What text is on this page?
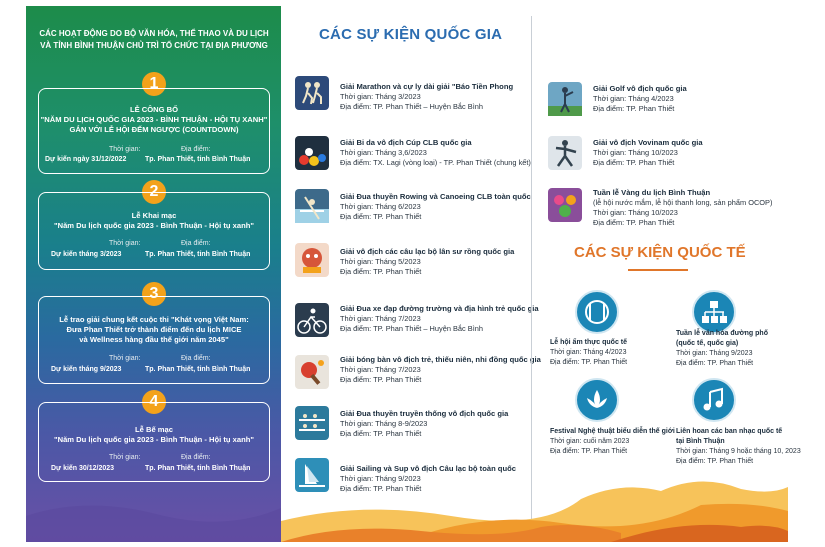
CÁC HOẠT ĐỘNG DO BỘ VĂN HÓA, THỂ THAO VÀ DU LỊCH
VÀ TỈNH BÌNH THUẬN CHỦ TRÌ TỔ CHỨC TẠI ĐỊA PHƯƠNG
1
LỄ CÔNG BỐ
"NĂM DU LỊCH QUỐC GIA 2023 - BÌNH THUẬN - HỘI TỤ XANH"
GẮN VỚI LỄ HỘI ĐẾM NGƯỢC (COUNTDOWN)
Thời gian:	Địa điểm:
Dự kiến ngày 31/12/2022	Tp. Phan Thiết, tỉnh Bình Thuận
2
Lễ Khai mạc
"Năm Du lịch quốc gia 2023 - Bình Thuận - Hội tụ xanh"
Thời gian:	Địa điểm:
Dự kiến tháng 3/2023	Tp. Phan Thiết, tỉnh Bình Thuận
3
Lễ trao giải chung kết cuộc thi "Khát vọng Việt Nam:
Đưa Phan Thiết trở thành điểm đến du lịch MICE
và Wellness hàng đầu thế giới năm 2045"
Thời gian:	Địa điểm:
Dự kiến tháng 9/2023	Tp. Phan Thiết, tỉnh Bình Thuận
4
Lễ Bế mạc
"Năm Du lịch quốc gia 2023 - Bình Thuận - Hội tụ xanh"
Thời gian:	Địa điểm:
Dự kiến 30/12/2023	Tp. Phan Thiết, tỉnh Bình Thuận
CÁC SỰ KIỆN QUỐC GIA
Giải Marathon và cự ly dài giải "Báo Tiền Phong
Thời gian: Tháng 3/2023
Địa điểm: TP. Phan Thiết – Huyện Bắc Bình
Giải Bi da vô địch Cúp CLB quốc gia
Thời gian: Tháng 3,6/2023
Địa điểm: TX. Lagi (vòng loại) - TP. Phan Thiết (chung kết)
Giải Đua thuyền Rowing và Canoeing CLB toàn quốc
Thời gian: Tháng 6/2023
Địa điểm: TP. Phan Thiết
Giải vô địch các câu lạc bộ lân sư rồng quốc gia
Thời gian: Tháng 5/2023
Địa điểm: TP. Phan Thiết
Giải Đua xe đạp đường trường và địa hình trẻ quốc gia
Thời gian: Tháng 7/2023
Địa điểm: TP. Phan Thiết – Huyện Bắc Bình
Giải bóng bàn vô địch trẻ, thiếu niên, nhi đồng quốc gia
Thời gian: Tháng 7/2023
Địa điểm: TP. Phan Thiết
Giải Đua thuyền truyền thống vô địch quốc gia
Thời gian: Tháng 8-9/2023
Địa điểm: TP. Phan Thiết
Giải Sailing và Sup vô địch Câu lạc bộ toàn quốc
Thời gian: Tháng 9/2023
Địa điểm: TP. Phan Thiết
Giải Golf vô địch quốc gia
Thời gian: Tháng 4/2023
Địa điểm: TP. Phan Thiết
Giải vô địch Vovinam quốc gia
Thời gian: Tháng 10/2023
Địa điểm: TP. Phan Thiết
Tuần lễ Vàng du lịch Bình Thuận
(lễ hội nước mắm, lễ hội thanh long, sản phẩm OCOP)
Thời gian: Tháng 10/2023
Địa điểm: TP. Phan Thiết
CÁC SỰ KIỆN QUỐC TẾ
Lễ hội ẩm thực quốc tế
Thời gian: Tháng 4/2023
Địa điểm: TP. Phan Thiết
Tuần lễ văn hóa đường phố
(quốc tế, quốc gia)
Thời gian: Tháng 9/2023
Địa điểm: TP. Phan Thiết
Festival Nghệ thuật biểu diễn thế giới
Thời gian: cuối năm 2023
Địa điểm: TP. Phan Thiết
Liên hoan các ban nhạc quốc tế
tại Bình Thuận
Thời gian: Tháng 9 hoặc tháng 10, 2023
Địa điểm: TP. Phan Thiết
